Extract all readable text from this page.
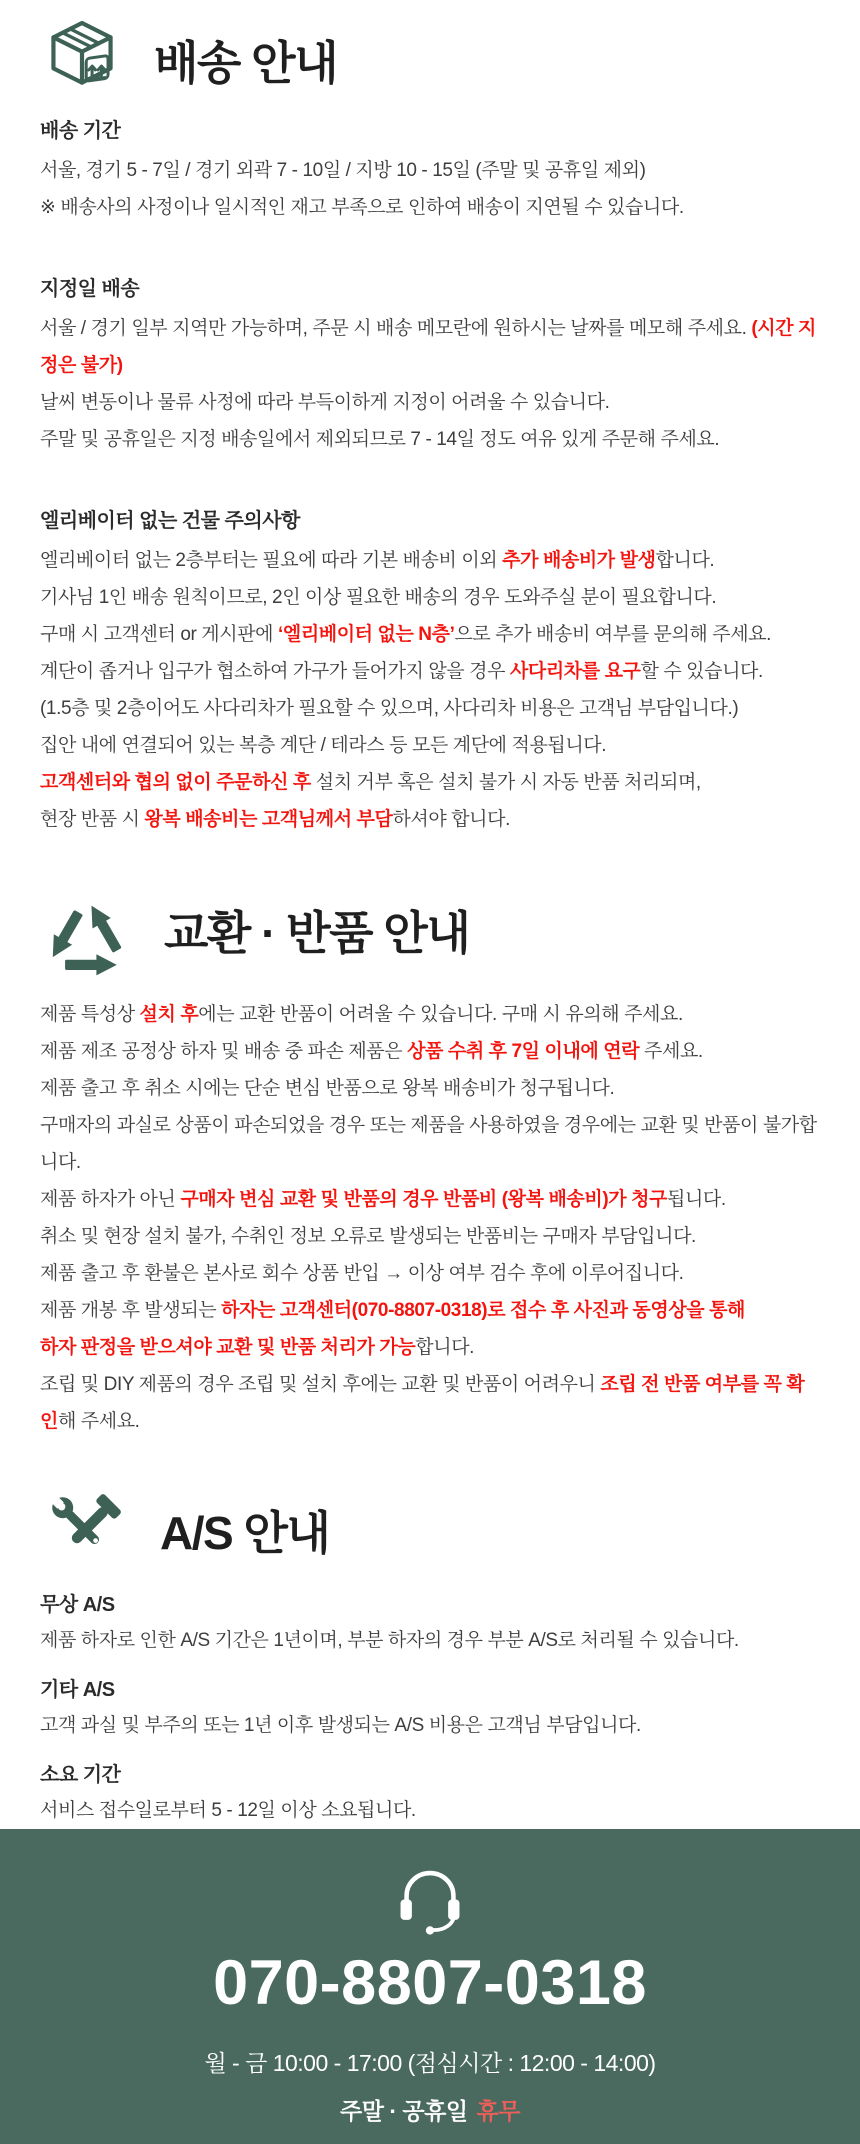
배송 안내
배송 기간

서울, 경기 5 - 7일 / 경기 외곽 7 - 10일 / 지방 10 - 15일 (주말 및 공휴일 제외)

※ 배송사의 사정이나 일시적인 재고 부족으로 인하여 배송이 지연될 수 있습니다.

지정일 배송

서울 / 경기 일부 지역만 가능하며, 주문 시 배송 메모란에 원하시는 날짜를 메모해 주세요. (시간 지정은 불가)

날씨 변동이나 물류 사정에 따라 부득이하게 지정이 어려울 수 있습니다.

주말 및 공휴일은 지정 배송일에서 제외되므로 7 - 14일 정도 여유 있게 주문해 주세요.

엘리베이터 없는 건물 주의사항

엘리베이터 없는 2층부터는 필요에 따라 기본 배송비 이외 추가 배송비가 발생합니다.

기사님 1인 배송 원칙이므로, 2인 이상 필요한 배송의 경우 도와주실 분이 필요합니다.

구매 시 고객센터 or 게시판에 ‘엘리베이터 없는 N층’으로 추가 배송비 여부를 문의해 주세요.

계단이 좁거나 입구가 협소하여 가구가 들어가지 않을 경우 사다리차를 요구할 수 있습니다.

(1.5층 및 2층이어도 사다리차가 필요할 수 있으며, 사다리차 비용은 고객님 부담입니다.)

집안 내에 연결되어 있는 복층 계단 / 테라스 등 모든 계단에 적용됩니다.

고객센터와 협의 없이 주문하신 후 설치 거부 혹은 설치 불가 시 자동 반품 처리되며,

현장 반품 시 왕복 배송비는 고객님께서 부담하셔야 합니다.

교환 · 반품 안내

제품 특성상 설치 후에는 교환 반품이 어려울 수 있습니다. 구매 시 유의해 주세요.

제품 제조 공정상 하자 및 배송 중 파손 제품은 상품 수취 후 7일 이내에 연락 주세요.

제품 출고 후 취소 시에는 단순 변심 반품으로 왕복 배송비가 청구됩니다.

구매자의 과실로 상품이 파손되었을 경우 또는 제품을 사용하였을 경우에는 교환 및 반품이 불가합니다.

제품 하자가 아닌 구매자 변심 교환 및 반품의 경우 반품비 (왕복 배송비)가 청구됩니다.

취소 및 현장 설치 불가, 수취인 정보 오류로 발생되는 반품비는 구매자 부담입니다.

제품 출고 후 환불은 본사로 회수 상품 반입 → 이상 여부 검수 후에 이루어집니다.

제품 개봉 후 발생되는 하자는 고객센터(070-8807-0318)로 접수 후 사진과 동영상을 통해

하자 판정을 받으셔야 교환 및 반품 처리가 가능합니다.

조립 및 DIY 제품의 경우 조립 및 설치 후에는 교환 및 반품이 어려우니 조립 전 반품 여부를 꼭 확인해 주세요.

A/S 안내
무상 A/S

제품 하자로 인한 A/S 기간은 1년이며, 부분 하자의 경우 부분 A/S로 처리될 수 있습니다.

기타 A/S

고객 과실 및 부주의 또는 1년 이후 발생되는 A/S 비용은 고객님 부담입니다.

소요 기간

서비스 접수일로부터 5 - 12일 이상 소요됩니다.

070-8807-0318
월 - 금 10:00 - 17:00 (점심시간 : 12:00 - 14:00)
주말 · 공휴일 휴무
